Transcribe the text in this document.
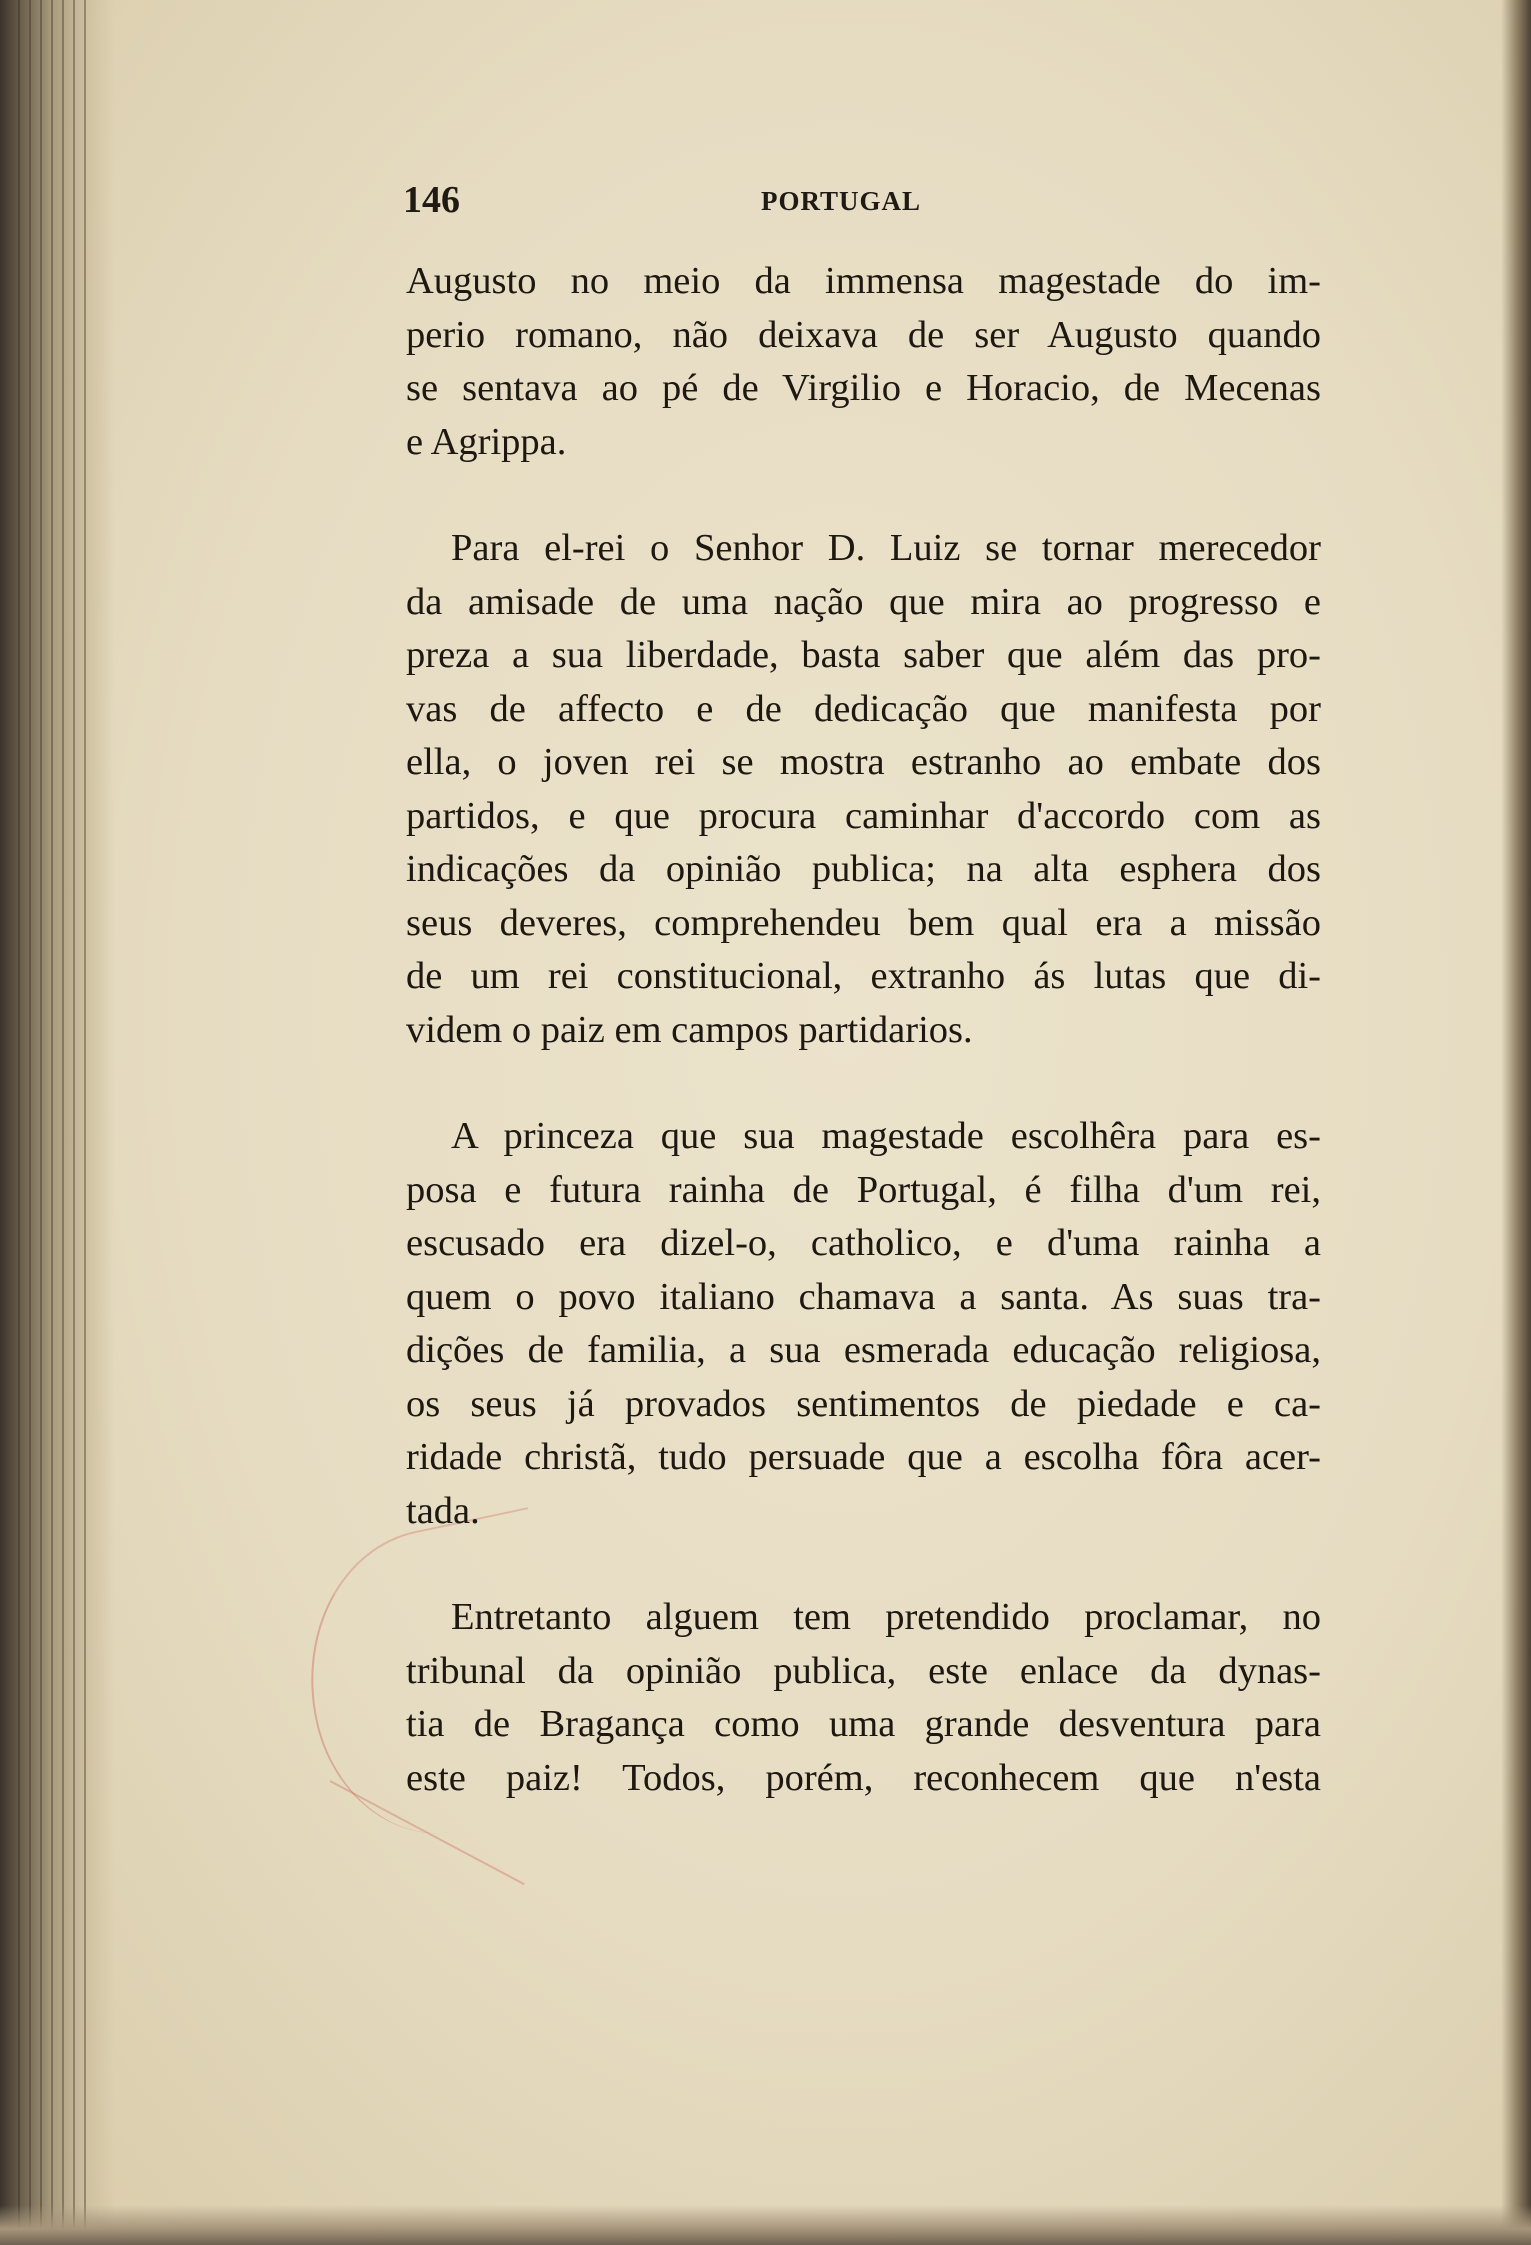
146	PORTUGAL

Augusto no meio da immensa magestade do im-
perio romano, não deixava de ser Augusto quando
se sentava ao pé de Virgilio e Horacio, de Mecenas
e Agrippa.

Para el-rei o Senhor D. Luiz se tornar merecedor
da amisade de uma nação que mira ao progresso e
preza a sua liberdade, basta saber que além das pro-
vas de affecto e de dedicação que manifesta por
ella, o joven rei se mostra estranho ao embate dos
partidos, e que procura caminhar d'accordo com as
indicações da opinião publica; na alta esphera dos
seus deveres, comprehendeu bem qual era a missão
de um rei constitucional, extranho ás lutas que di-
videm o paiz em campos partidarios.

A princeza que sua magestade escolhêra para es-
posa e futura rainha de Portugal, é filha d'um rei,
escusado era dizel-o, catholico, e d'uma rainha a
quem o povo italiano chamava a santa. As suas tra-
dições de familia, a sua esmerada educação religiosa,
os seus já provados sentimentos de piedade e ca-
ridade christã, tudo persuade que a escolha fôra acer-
tada.

Entretanto alguem tem pretendido proclamar, no
tribunal da opinião publica, este enlace da dynas-
tia de Bragança como uma grande desventura para
este paiz! Todos, porém, reconhecem que n'esta
